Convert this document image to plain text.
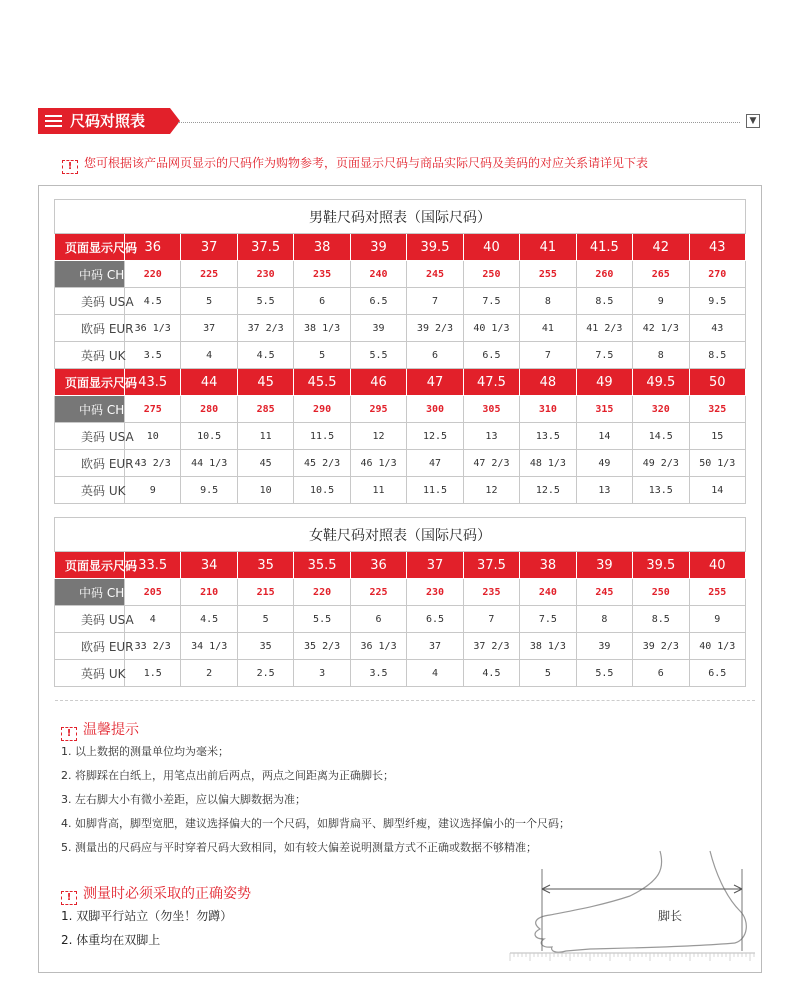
尺码对照表	▼
! 您可根据该产品网页显示的尺码作为购物参考，页面显示尺码与商品实际尺码及美码的对应关系请详见下表
男鞋尺码对照表（国际尺码）											
页面显示尺码	36	37	37.5	38	39	39.5	40	41	41.5	42	43
中码 CHN	220	225	230	235	240	245	250	255	260	265	270
美码 USA	4.5	5	5.5	6	6.5	7	7.5	8	8.5	9	9.5
欧码 EUR	36 1/3	37	37 2/3	38 1/3	39	39 2/3	40 1/3	41	41 2/3	42 1/3	43
英码 UK	3.5	4	4.5	5	5.5	6	6.5	7	7.5	8	8.5
页面显示尺码	43.5	44	45	45.5	46	47	47.5	48	49	49.5	50
中码 CHN	275	280	285	290	295	300	305	310	315	320	325
美码 USA	10	10.5	11	11.5	12	12.5	13	13.5	14	14.5	15
欧码 EUR	43 2/3	44 1/3	45	45 2/3	46 1/3	47	47 2/3	48 1/3	49	49 2/3	50 1/3
英码 UK	9	9.5	10	10.5	11	11.5	12	12.5	13	13.5	14
女鞋尺码对照表（国际尺码）											
页面显示尺码	33.5	34	35	35.5	36	37	37.5	38	39	39.5	40
中码 CHN	205	210	215	220	225	230	235	240	245	250	255
美码 USA	4	4.5	5	5.5	6	6.5	7	7.5	8	8.5	9
欧码 EUR	33 2/3	34 1/3	35	35 2/3	36 1/3	37	37 2/3	38 1/3	39	39 2/3	40 1/3
英码 UK	1.5	2	2.5	3	3.5	4	4.5	5	5.5	6	6.5
! 温馨提示
1. 以上数据的测量单位均为毫米；
2. 将脚踩在白纸上，用笔点出前后两点，两点之间距离为正确脚长；
3. 左右脚大小有微小差距，应以偏大脚数据为准；
4. 如脚背高，脚型宽肥，建议选择偏大的一个尺码，如脚背扁平、脚型纤瘦，建议选择偏小的一个尺码；
5. 测量出的尺码应与平时穿着尺码大致相同，如有较大偏差说明测量方式不正确或数据不够精准；
! 测量时必须采取的正确姿势
1. 双脚平行站立（勿坐！勿蹲）
2. 体重均在双脚上
脚长
